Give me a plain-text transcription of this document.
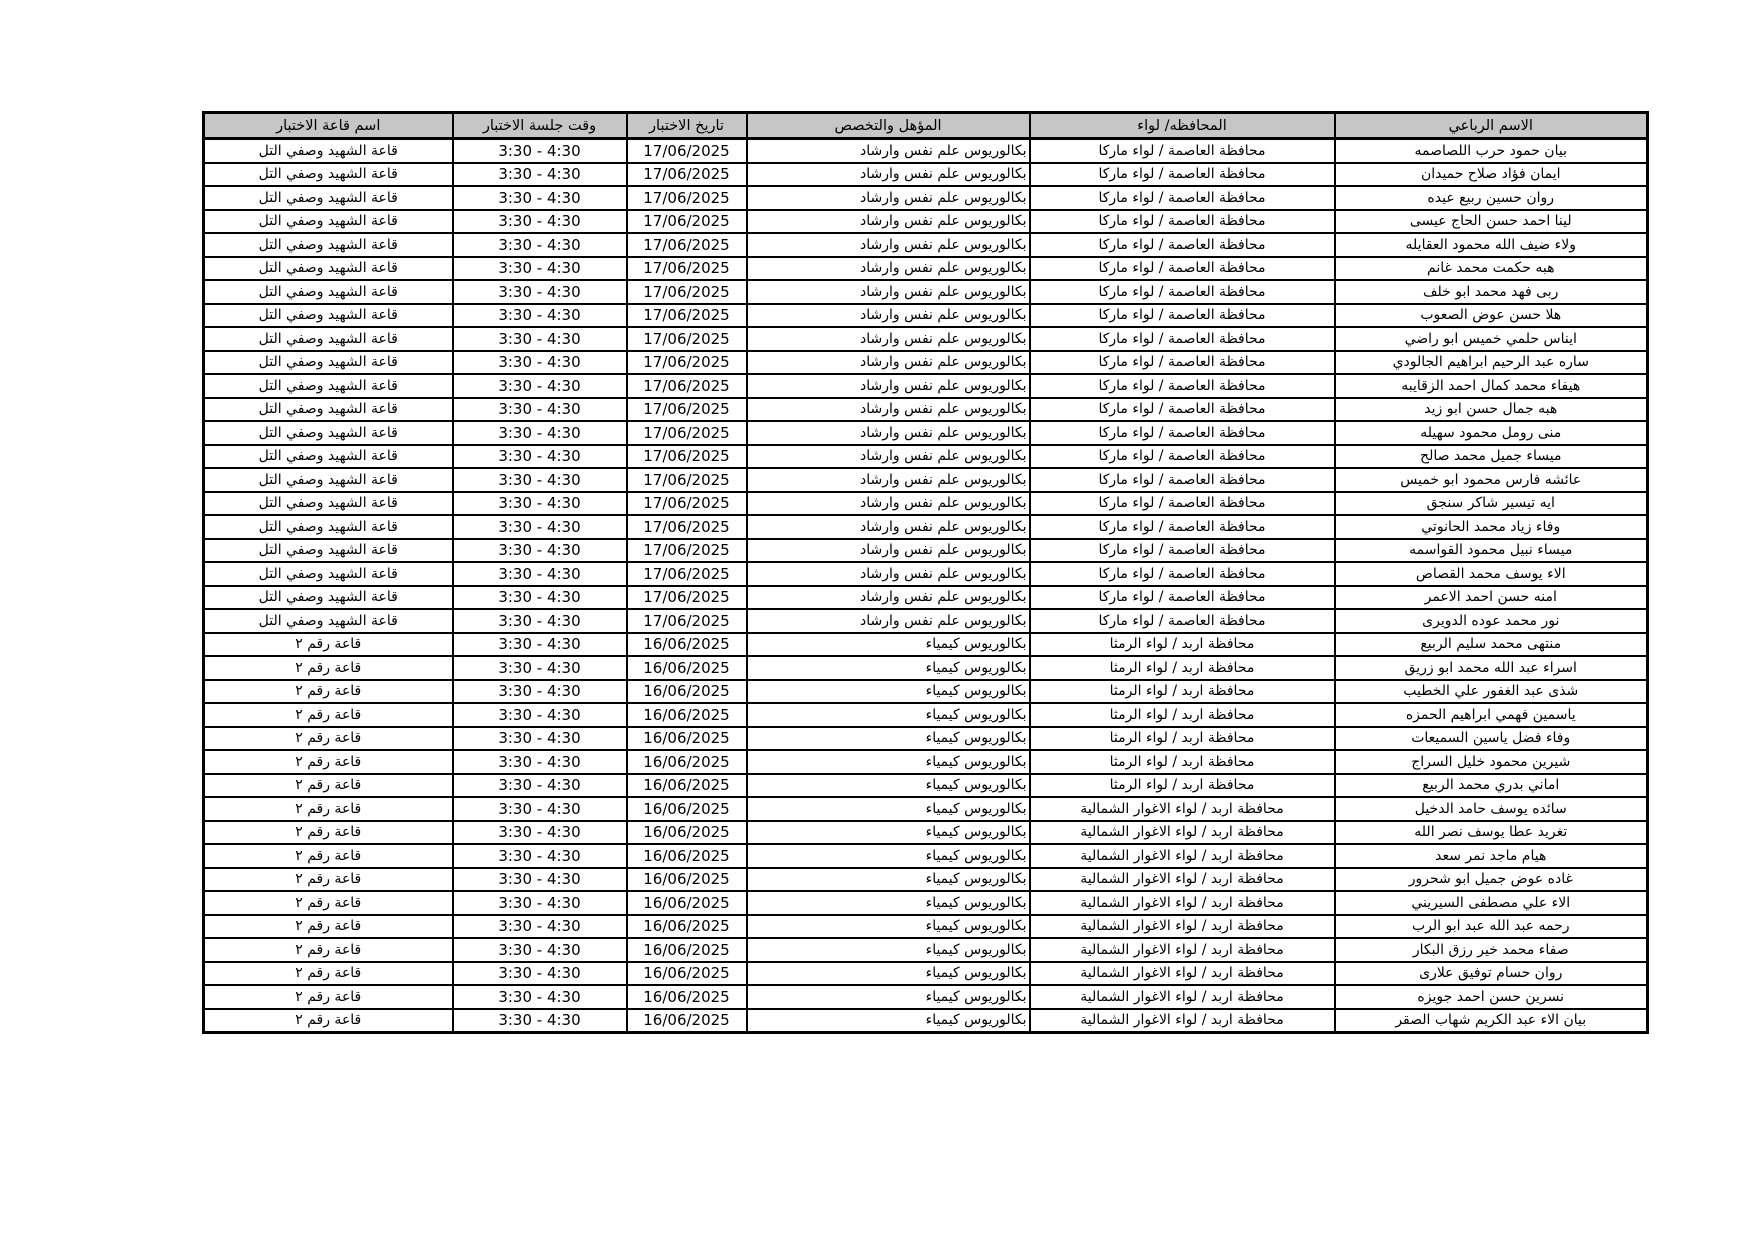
الاسم الرباعي	المحافظه/ لواء	المؤهل والتخصص	تاريخ الاختبار	وقت جلسة الاختبار	اسم قاعة الاختبار
بيان حمود حرب اللصاصمه	محافظة العاصمة / لواء ماركا	بكالوريوس علم نفس وارشاد	17/06/2025	3:30 - 4:30	قاعة الشهيد وصفي التل
ايمان فؤاد صلاح حميدان	محافظة العاصمة / لواء ماركا	بكالوريوس علم نفس وارشاد	17/06/2025	3:30 - 4:30	قاعة الشهيد وصفي التل
روان حسين ربيع عيده	محافظة العاصمة / لواء ماركا	بكالوريوس علم نفس وارشاد	17/06/2025	3:30 - 4:30	قاعة الشهيد وصفي التل
لينا احمد حسن الحاج عيسى	محافظة العاصمة / لواء ماركا	بكالوريوس علم نفس وارشاد	17/06/2025	3:30 - 4:30	قاعة الشهيد وصفي التل
ولاء ضيف الله محمود العقايله	محافظة العاصمة / لواء ماركا	بكالوريوس علم نفس وارشاد	17/06/2025	3:30 - 4:30	قاعة الشهيد وصفي التل
هبه حكمت محمد غانم	محافظة العاصمة / لواء ماركا	بكالوريوس علم نفس وارشاد	17/06/2025	3:30 - 4:30	قاعة الشهيد وصفي التل
ربى فهد محمد ابو خلف	محافظة العاصمة / لواء ماركا	بكالوريوس علم نفس وارشاد	17/06/2025	3:30 - 4:30	قاعة الشهيد وصفي التل
هلا حسن عوض الصعوب	محافظة العاصمة / لواء ماركا	بكالوريوس علم نفس وارشاد	17/06/2025	3:30 - 4:30	قاعة الشهيد وصفي التل
ايناس حلمي خميس ابو راضي	محافظة العاصمة / لواء ماركا	بكالوريوس علم نفس وارشاد	17/06/2025	3:30 - 4:30	قاعة الشهيد وصفي التل
ساره عبد الرحيم ابراهيم الجالودي	محافظة العاصمة / لواء ماركا	بكالوريوس علم نفس وارشاد	17/06/2025	3:30 - 4:30	قاعة الشهيد وصفي التل
هيفاء محمد كمال احمد الزقايبه	محافظة العاصمة / لواء ماركا	بكالوريوس علم نفس وارشاد	17/06/2025	3:30 - 4:30	قاعة الشهيد وصفي التل
هبه جمال حسن ابو زيد	محافظة العاصمة / لواء ماركا	بكالوريوس علم نفس وارشاد	17/06/2025	3:30 - 4:30	قاعة الشهيد وصفي التل
منى رومل محمود سهيله	محافظة العاصمة / لواء ماركا	بكالوريوس علم نفس وارشاد	17/06/2025	3:30 - 4:30	قاعة الشهيد وصفي التل
ميساء جميل محمد صالح	محافظة العاصمة / لواء ماركا	بكالوريوس علم نفس وارشاد	17/06/2025	3:30 - 4:30	قاعة الشهيد وصفي التل
عائشه فارس محمود ابو خميس	محافظة العاصمة / لواء ماركا	بكالوريوس علم نفس وارشاد	17/06/2025	3:30 - 4:30	قاعة الشهيد وصفي التل
ايه تيسير شاكر سنجق	محافظة العاصمة / لواء ماركا	بكالوريوس علم نفس وارشاد	17/06/2025	3:30 - 4:30	قاعة الشهيد وصفي التل
وفاء زياد محمد الحانوتي	محافظة العاصمة / لواء ماركا	بكالوريوس علم نفس وارشاد	17/06/2025	3:30 - 4:30	قاعة الشهيد وصفي التل
ميساء نبيل محمود القواسمه	محافظة العاصمة / لواء ماركا	بكالوريوس علم نفس وارشاد	17/06/2025	3:30 - 4:30	قاعة الشهيد وصفي التل
الاء يوسف محمد القصاص	محافظة العاصمة / لواء ماركا	بكالوريوس علم نفس وارشاد	17/06/2025	3:30 - 4:30	قاعة الشهيد وصفي التل
امنه حسن احمد الاعمر	محافظة العاصمة / لواء ماركا	بكالوريوس علم نفس وارشاد	17/06/2025	3:30 - 4:30	قاعة الشهيد وصفي التل
نور محمد عوده الدويرى	محافظة العاصمة / لواء ماركا	بكالوريوس علم نفس وارشاد	17/06/2025	3:30 - 4:30	قاعة الشهيد وصفي التل
منتهى محمد سليم الربيع	محافظة اربد / لواء الرمثا	بكالوريوس كيمياء	16/06/2025	3:30 - 4:30	قاعة رقم ٢
اسراء عبد الله محمد ابو زريق	محافظة اربد / لواء الرمثا	بكالوريوس كيمياء	16/06/2025	3:30 - 4:30	قاعة رقم ٢
شذى عبد الغفور علي الخطيب	محافظة اربد / لواء الرمثا	بكالوريوس كيمياء	16/06/2025	3:30 - 4:30	قاعة رقم ٢
ياسمين فهمي ابراهيم الحمزه	محافظة اربد / لواء الرمثا	بكالوريوس كيمياء	16/06/2025	3:30 - 4:30	قاعة رقم ٢
وفاء فضل ياسين السميعات	محافظة اربد / لواء الرمثا	بكالوريوس كيمياء	16/06/2025	3:30 - 4:30	قاعة رقم ٢
شيرين محمود خليل السراج	محافظة اربد / لواء الرمثا	بكالوريوس كيمياء	16/06/2025	3:30 - 4:30	قاعة رقم ٢
اماني بدري محمد الربيع	محافظة اربد / لواء الرمثا	بكالوريوس كيمياء	16/06/2025	3:30 - 4:30	قاعة رقم ٢
سائده يوسف حامد الدخيل	محافظة اربد / لواء الاغوار الشمالية	بكالوريوس كيمياء	16/06/2025	3:30 - 4:30	قاعة رقم ٢
تغريد عطا يوسف نصر الله	محافظة اربد / لواء الاغوار الشمالية	بكالوريوس كيمياء	16/06/2025	3:30 - 4:30	قاعة رقم ٢
هيام ماجد نمر سعد	محافظة اربد / لواء الاغوار الشمالية	بكالوريوس كيمياء	16/06/2025	3:30 - 4:30	قاعة رقم ٢
غاده عوض جميل ابو شحرور	محافظة اربد / لواء الاغوار الشمالية	بكالوريوس كيمياء	16/06/2025	3:30 - 4:30	قاعة رقم ٢
الاء علي مصطفى السيريني	محافظة اربد / لواء الاغوار الشمالية	بكالوريوس كيمياء	16/06/2025	3:30 - 4:30	قاعة رقم ٢
رحمه عبد الله عبد ابو الرب	محافظة اربد / لواء الاغوار الشمالية	بكالوريوس كيمياء	16/06/2025	3:30 - 4:30	قاعة رقم ٢
صفاء محمد خير رزق البكار	محافظة اربد / لواء الاغوار الشمالية	بكالوريوس كيمياء	16/06/2025	3:30 - 4:30	قاعة رقم ٢
روان حسام توفيق علارى	محافظة اربد / لواء الاغوار الشمالية	بكالوريوس كيمياء	16/06/2025	3:30 - 4:30	قاعة رقم ٢
نسرين حسن احمد جويزه	محافظة اربد / لواء الاغوار الشمالية	بكالوريوس كيمياء	16/06/2025	3:30 - 4:30	قاعة رقم ٢
بيان الاء عبد الكريم شهاب الصقر	محافظة اربد / لواء الاغوار الشمالية	بكالوريوس كيمياء	16/06/2025	3:30 - 4:30	قاعة رقم ٢
